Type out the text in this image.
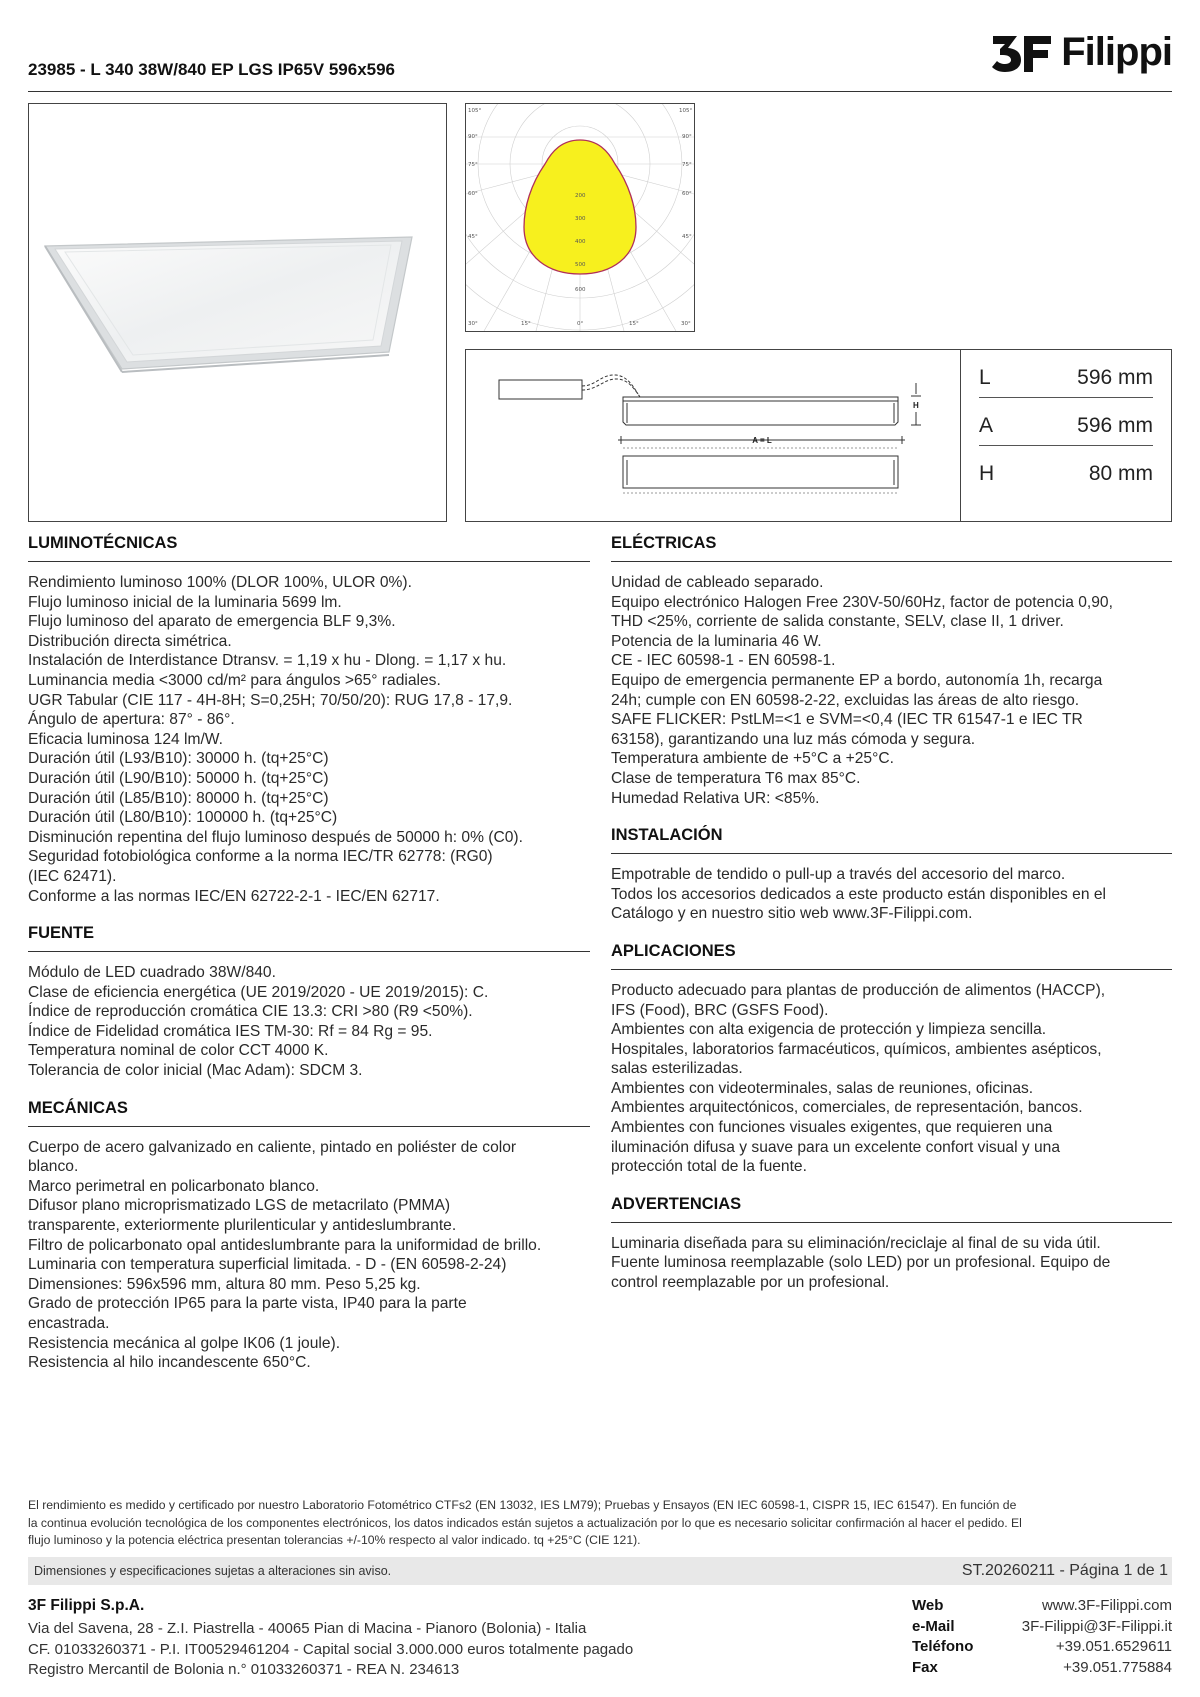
23985 - L 340 38W/840 EP LGS IP65V 596x596	Filippi
105°
90°
75°
60°
45°
105°
90°
75°
60°
45°
30°	15°	0°	15°	30°
200
300
400
500
600
A = L
H
L	596 mm
A	596 mm
H	80 mm
LUMINOTÉCNICAS

Rendimiento luminoso 100% (DLOR 100%, ULOR 0%).

Flujo luminoso inicial de la luminaria 5699 lm.

Flujo luminoso del aparato de emergencia BLF 9,3%.

Distribución directa simétrica.

Instalación de Interdistance Dtransv. = 1,19 x hu - Dlong. = 1,17 x hu.

Luminancia media <3000 cd/m² para ángulos >65° radiales.

UGR Tabular (CIE 117 - 4H-8H; S=0,25H; 70/50/20): RUG 17,8 - 17,9.

Ángulo de apertura: 87° - 86°.

Eficacia luminosa 124 lm/W.

Duración útil (L93/B10): 30000 h. (tq+25°C)

Duración útil (L90/B10): 50000 h. (tq+25°C)

Duración útil (L85/B10): 80000 h. (tq+25°C)

Duración útil (L80/B10): 100000 h. (tq+25°C)

Disminución repentina del flujo luminoso después de 50000 h: 0% (C0).

Seguridad fotobiológica conforme a la norma IEC/TR 62778: (RG0)

(IEC 62471).

Conforme a las normas IEC/EN 62722-2-1 - IEC/EN 62717.

FUENTE

Módulo de LED cuadrado 38W/840.

Clase de eficiencia energética (UE 2019/2020 - UE 2019/2015): C.

Índice de reproducción cromática CIE 13.3: CRI >80 (R9 <50%).

Índice de Fidelidad cromática IES TM-30: Rf = 84 Rg = 95.

Temperatura nominal de color CCT 4000 K.

Tolerancia de color inicial (Mac Adam): SDCM 3.

MECÁNICAS

Cuerpo de acero galvanizado en caliente, pintado en poliéster de color

blanco.

Marco perimetral en policarbonato blanco.

Difusor plano microprismatizado LGS de metacrilato (PMMA)

transparente, exteriormente plurilenticular y antideslumbrante.

Filtro de policarbonato opal antideslumbrante para la uniformidad de brillo.

Luminaria con temperatura superficial limitada. - D - (EN 60598-2-24)

Dimensiones: 596x596 mm, altura 80 mm. Peso 5,25 kg.

Grado de protección IP65 para la parte vista, IP40 para la parte

encastrada.

Resistencia mecánica al golpe IK06 (1 joule).

Resistencia al hilo incandescente 650°C.

ELÉCTRICAS

Unidad de cableado separado.

Equipo electrónico Halogen Free 230V-50/60Hz, factor de potencia 0,90,

THD <25%, corriente de salida constante, SELV, clase II, 1 driver.

Potencia de la luminaria 46 W.

CE - IEC 60598-1 - EN 60598-1.

Equipo de emergencia permanente EP a bordo, autonomía 1h, recarga

24h; cumple con EN 60598-2-22, excluidas las áreas de alto riesgo.

SAFE FLICKER: PstLM=<1 e SVM=<0,4 (IEC TR 61547-1 e IEC TR

63158), garantizando una luz más cómoda y segura.

Temperatura ambiente de +5°C a +25°C.

Clase de temperatura T6 max 85°C.

Humedad Relativa UR: <85%.

INSTALACIÓN

Empotrable de tendido o pull-up a través del accesorio del marco.

Todos los accesorios dedicados a este producto están disponibles en el

Catálogo y en nuestro sitio web www.3F-Filippi.com.

APLICACIONES

Producto adecuado para plantas de producción de alimentos (HACCP),

IFS (Food), BRC (GSFS Food).

Ambientes con alta exigencia de protección y limpieza sencilla.

Hospitales, laboratorios farmacéuticos, químicos, ambientes asépticos,

salas esterilizadas.

Ambientes con videoterminales, salas de reuniones, oficinas.

Ambientes arquitectónicos, comerciales, de representación, bancos.

Ambientes con funciones visuales exigentes, que requieren una

iluminación difusa y suave para un excelente confort visual y una

protección total de la fuente.

ADVERTENCIAS

Luminaria diseñada para su eliminación/reciclaje al final de su vida útil.

Fuente luminosa reemplazable (solo LED) por un profesional. Equipo de

control reemplazable por un profesional.

El rendimiento es medido y certificado por nuestro Laboratorio Fotométrico CTFs2 (EN 13032, IES LM79); Pruebas y Ensayos (EN IEC 60598-1, CISPR 15, IEC 61547). En función de
la continua evolución tecnológica de los componentes electrónicos, los datos indicados están sujetos a actualización por lo que es necesario solicitar confirmación al hacer el pedido. El
flujo luminoso y la potencia eléctrica presentan tolerancias +/-10% respecto al valor indicado. tq +25°C (CIE 121).
Dimensiones y especificaciones sujetas a alteraciones sin aviso.	ST.20260211 - Página 1 de 1
3F Filippi S.p.A.

Via del Savena, 28 - Z.I. Piastrella - 40065 Pian di Macina - Pianoro (Bolonia) - Italia

CF. 01033260371 - P.I. IT00529461204 - Capital social 3.000.000 euros totalmente pagado

Registro Mercantil de Bolonia n.° 01033260371 - REA N. 234613

Web	www.3F-Filippi.com
e-Mail	3F-Filippi@3F-Filippi.it
Teléfono	+39.051.6529611
Fax	+39.051.775884
